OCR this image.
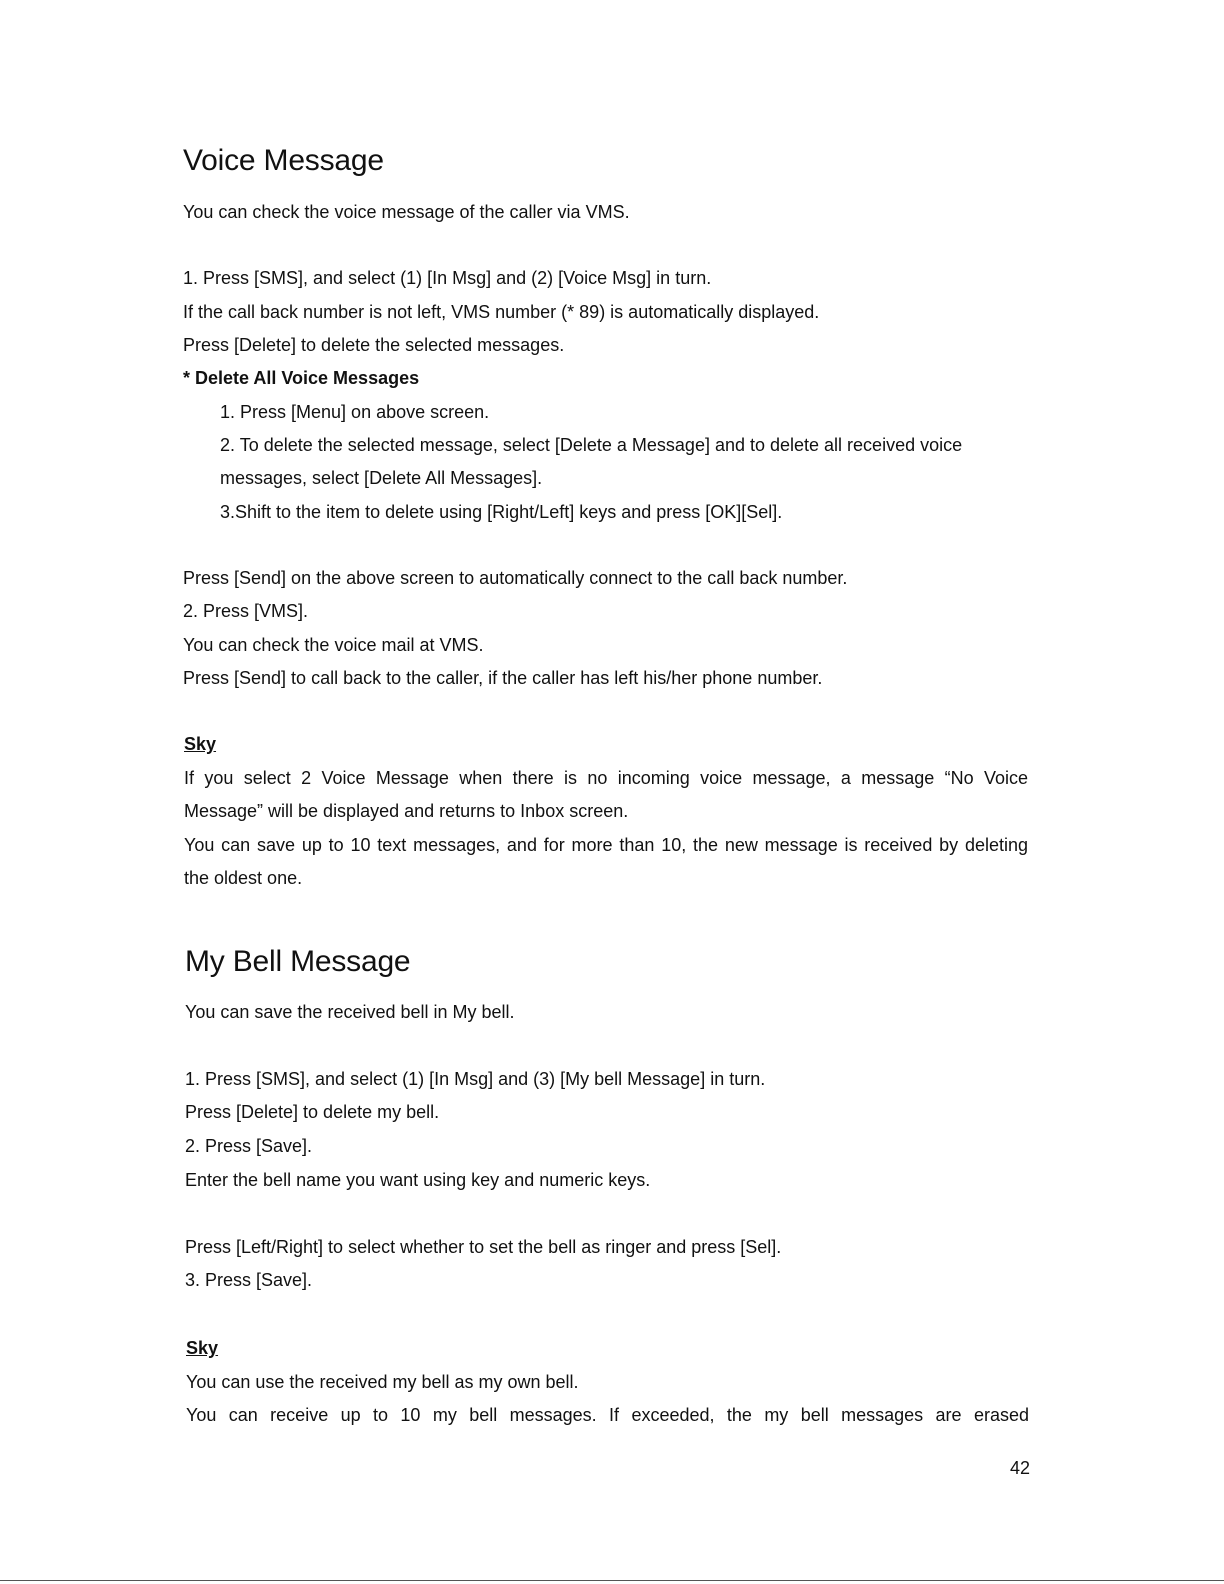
Voice Message
You can check the voice message of the caller via VMS.
1. Press [SMS], and select (1) [In Msg] and (2) [Voice Msg] in turn.
If the call back number is not left, VMS number (* 89) is automatically displayed.
Press [Delete] to delete the selected messages.
* Delete All Voice Messages
1. Press [Menu] on above screen.
2. To delete the selected message, select [Delete a Message] and to delete all received voice
messages, select [Delete All Messages].
3.Shift to the item to delete using [Right/Left] keys and press [OK][Sel].
Press [Send] on the above screen to automatically connect to the call back number.
2. Press [VMS].
You can check the voice mail at VMS.
Press [Send] to call back to the caller, if the caller has left his/her phone number.
Sky
If you select 2 Voice Message when there is no incoming voice message, a message “No Voice
Message” will be displayed and returns to Inbox screen.
You can save up to 10 text messages, and for more than 10, the new message is received by deleting
the oldest one.
My Bell Message
You can save the received bell in My bell.
1. Press [SMS], and select (1) [In Msg] and (3) [My bell Message] in turn.
Press [Delete] to delete my bell.
2. Press [Save].
Enter the bell name you want using key and numeric keys.
Press [Left/Right] to select whether to set the bell as ringer and press [Sel].
3. Press [Save].
Sky
You can use the received my bell as my own bell.
You can receive up to 10 my bell messages. If exceeded, the my bell messages are erased
42
